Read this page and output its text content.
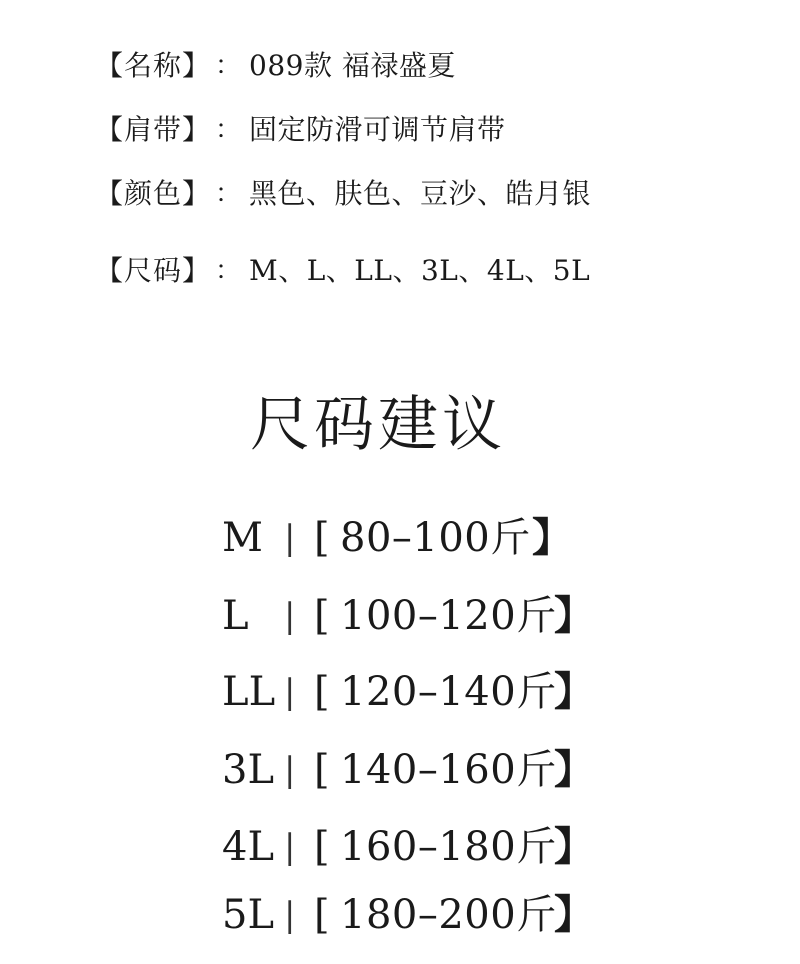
【名称】 ： 089款 福禄盛夏
【肩带】 ： 固定防滑可调节肩带
【颜色】 ： 黑色、肤色、豆沙、皓月银
【尺码】 ： M、L、LL、3L、4L、5L
尺码建议
M | [ 80–100斤 】
L | [ 100–120斤
】
LL | [ 120–140斤
】
3L | [ 140–160斤
】
4L | [ 160–180斤
】
5L | [ 180–200斤
】
